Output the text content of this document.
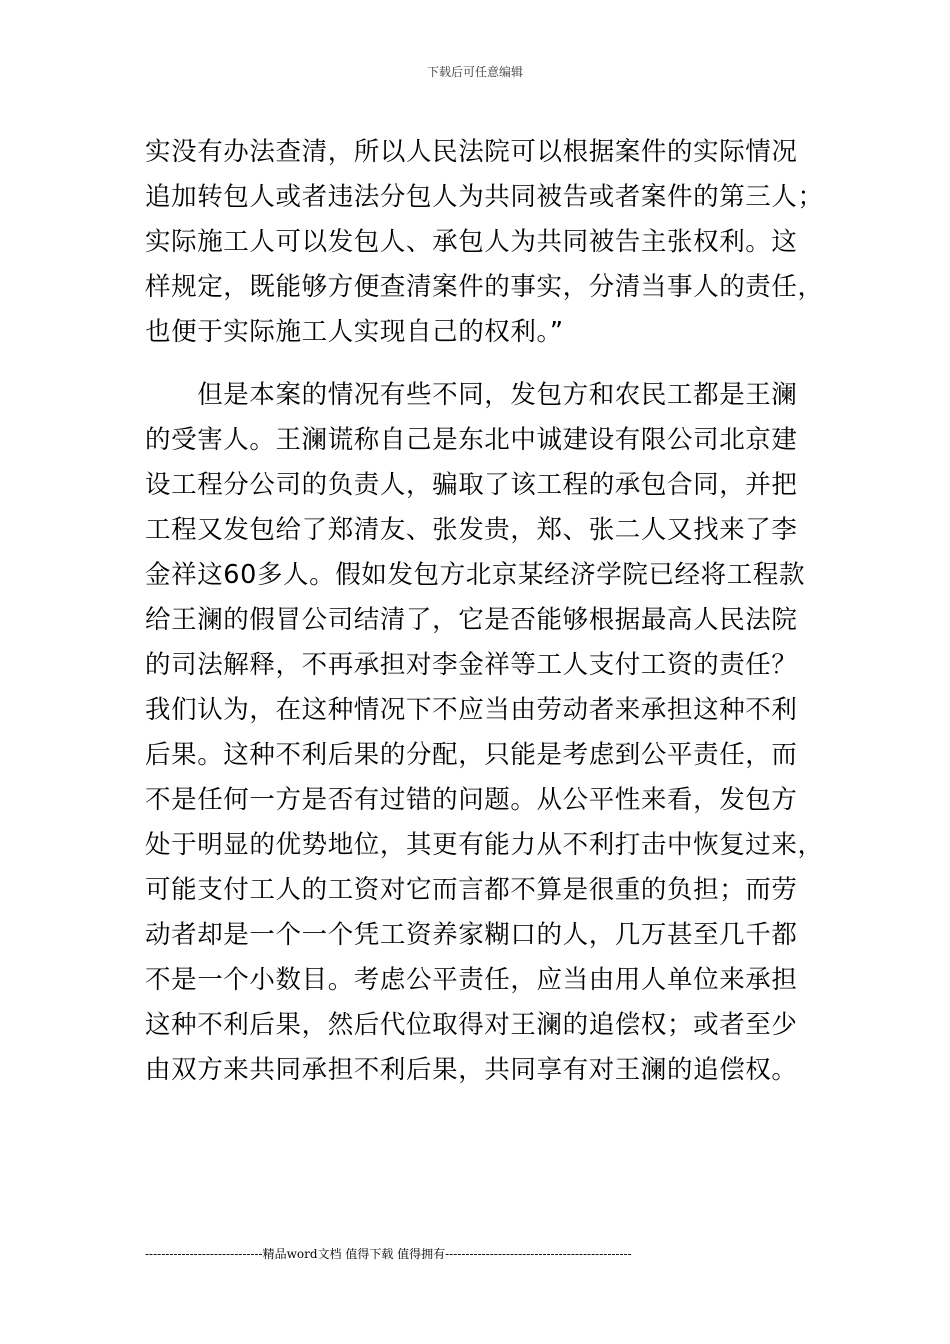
下载后可任意编辑
实没有办法查清，所以人民法院可以根据案件的实际情况
追加转包人或者违法分包人为共同被告或者案件的第三人；
实际施工人可以发包人、承包人为共同被告主张权利。这
样规定，既能够方便查清案件的事实，分清当事人的责任，
也便于实际施工人实现自己的权利。”
　　但是本案的情况有些不同，发包方和农民工都是王澜
的受害人。王澜谎称自己是东北中诚建设有限公司北京建
设工程分公司的负责人，骗取了该工程的承包合同，并把
工程又发包给了郑清友、张发贵，郑、张二人又找来了李
金祥这60多人。假如发包方北京某经济学院已经将工程款
给王澜的假冒公司结清了，它是否能够根据最高人民法院
的司法解释，不再承担对李金祥等工人支付工资的责任？
我们认为，在这种情况下不应当由劳动者来承担这种不利
后果。这种不利后果的分配，只能是考虑到公平责任，而
不是任何一方是否有过错的问题。从公平性来看，发包方
处于明显的优势地位，其更有能力从不利打击中恢复过来，
可能支付工人的工资对它而言都不算是很重的负担；而劳
动者却是一个一个凭工资养家糊口的人，几万甚至几千都
不是一个小数目。考虑公平责任，应当由用人单位来承担
这种不利后果，然后代位取得对王澜的追偿权；或者至少
由双方来共同承担不利后果，共同享有对王澜的追偿权。
-----------------------------精品word文档 值得下载 值得拥有----------------------------------------------
